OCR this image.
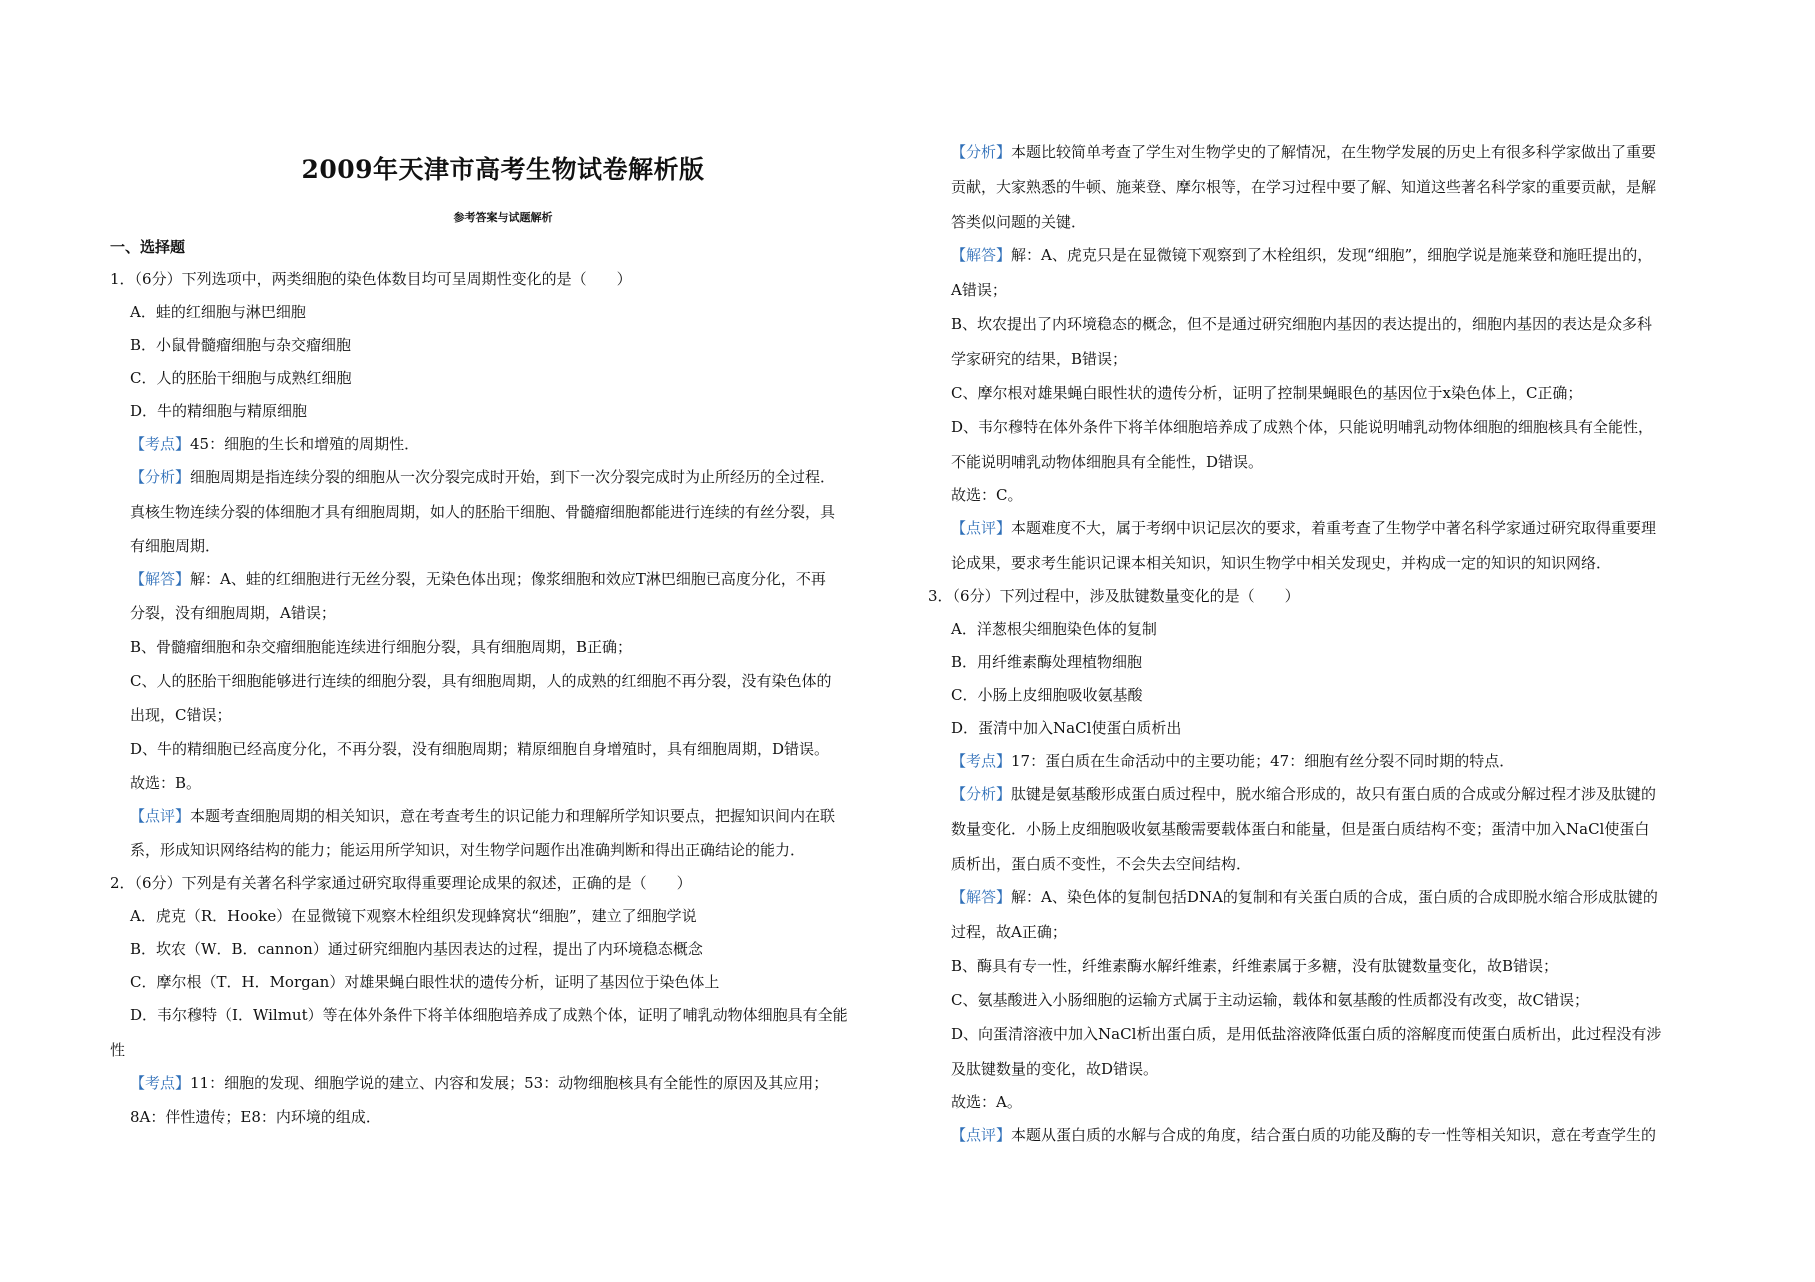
2009年天津市高考生物试卷解析版
参考答案与试题解析
一、选择题
1．（6分）下列选项中，两类细胞的染色体数目均可呈周期性变化的是（　　）
A．蛙的红细胞与淋巴细胞
B．小鼠骨髓瘤细胞与杂交瘤细胞
C．人的胚胎干细胞与成熟红细胞
D．牛的精细胞与精原细胞
【考点】45：细胞的生长和增殖的周期性．
【分析】细胞周期是指连续分裂的细胞从一次分裂完成时开始，到下一次分裂完成时为止所经历的全过程．
真核生物连续分裂的体细胞才具有细胞周期，如人的胚胎干细胞、骨髓瘤细胞都能进行连续的有丝分裂，具
有细胞周期．
【解答】解：A、蛙的红细胞进行无丝分裂，无染色体出现；像浆细胞和效应T淋巴细胞已高度分化，不再
分裂，没有细胞周期，A错误；
B、骨髓瘤细胞和杂交瘤细胞能连续进行细胞分裂，具有细胞周期，B正确；
C、人的胚胎干细胞能够进行连续的细胞分裂，具有细胞周期，人的成熟的红细胞不再分裂，没有染色体的
出现，C错误；
D、牛的精细胞已经高度分化，不再分裂，没有细胞周期；精原细胞自身增殖时，具有细胞周期，D错误。
故选：B。
【点评】本题考查细胞周期的相关知识，意在考查考生的识记能力和理解所学知识要点，把握知识间内在联
系，形成知识网络结构的能力；能运用所学知识，对生物学问题作出准确判断和得出正确结论的能力．
2．（6分）下列是有关著名科学家通过研究取得重要理论成果的叙述，正确的是（　　）
A．虎克（R．Hooke）在显微镜下观察木栓组织发现蜂窝状“细胞”，建立了细胞学说
B．坎农（W．B．cannon）通过研究细胞内基因表达的过程，提出了内环境稳态概念
C．摩尔根（T．H．Morgan）对雄果蝇白眼性状的遗传分析，证明了基因位于染色体上
D．韦尔穆特（I．Wilmut）等在体外条件下将羊体细胞培养成了成熟个体，证明了哺乳动物体细胞具有全能
性
【考点】11：细胞的发现、细胞学说的建立、内容和发展；53：动物细胞核具有全能性的原因及其应用；
8A：伴性遗传；E8：内环境的组成．
【分析】本题比较简单考查了学生对生物学史的了解情况，在生物学发展的历史上有很多科学家做出了重要
贡献，大家熟悉的牛顿、施莱登、摩尔根等，在学习过程中要了解、知道这些著名科学家的重要贡献，是解
答类似问题的关键．
【解答】解：A、虎克只是在显微镜下观察到了木栓组织，发现“细胞”，细胞学说是施莱登和施旺提出的，
A错误；
B、坎农提出了内环境稳态的概念，但不是通过研究细胞内基因的表达提出的，细胞内基因的表达是众多科
学家研究的结果，B错误；
C、摩尔根对雄果蝇白眼性状的遗传分析，证明了控制果蝇眼色的基因位于x染色体上，C正确；
D、韦尔穆特在体外条件下将羊体细胞培养成了成熟个体，只能说明哺乳动物体细胞的细胞核具有全能性，
不能说明哺乳动物体细胞具有全能性，D错误。
故选：C。
【点评】本题难度不大，属于考纲中识记层次的要求，着重考查了生物学中著名科学家通过研究取得重要理
论成果，要求考生能识记课本相关知识，知识生物学中相关发现史，并构成一定的知识的知识网络．
3．（6分）下列过程中，涉及肽键数量变化的是（　　）
A．洋葱根尖细胞染色体的复制
B．用纤维素酶处理植物细胞
C．小肠上皮细胞吸收氨基酸
D．蛋清中加入NaCl使蛋白质析出
【考点】17：蛋白质在生命活动中的主要功能；47：细胞有丝分裂不同时期的特点．
【分析】肽键是氨基酸形成蛋白质过程中，脱水缩合形成的，故只有蛋白质的合成或分解过程才涉及肽键的
数量变化．小肠上皮细胞吸收氨基酸需要载体蛋白和能量，但是蛋白质结构不变；蛋清中加入NaCl使蛋白
质析出，蛋白质不变性，不会失去空间结构．
【解答】解：A、染色体的复制包括DNA的复制和有关蛋白质的合成，蛋白质的合成即脱水缩合形成肽键的
过程，故A正确；
B、酶具有专一性，纤维素酶水解纤维素，纤维素属于多糖，没有肽键数量变化，故B错误；
C、氨基酸进入小肠细胞的运输方式属于主动运输，载体和氨基酸的性质都没有改变，故C错误；
D、向蛋清溶液中加入NaCl析出蛋白质，是用低盐溶液降低蛋白质的溶解度而使蛋白质析出，此过程没有涉
及肽键数量的变化，故D错误。
故选：A。
【点评】本题从蛋白质的水解与合成的角度，结合蛋白质的功能及酶的专一性等相关知识，意在考查学生的
